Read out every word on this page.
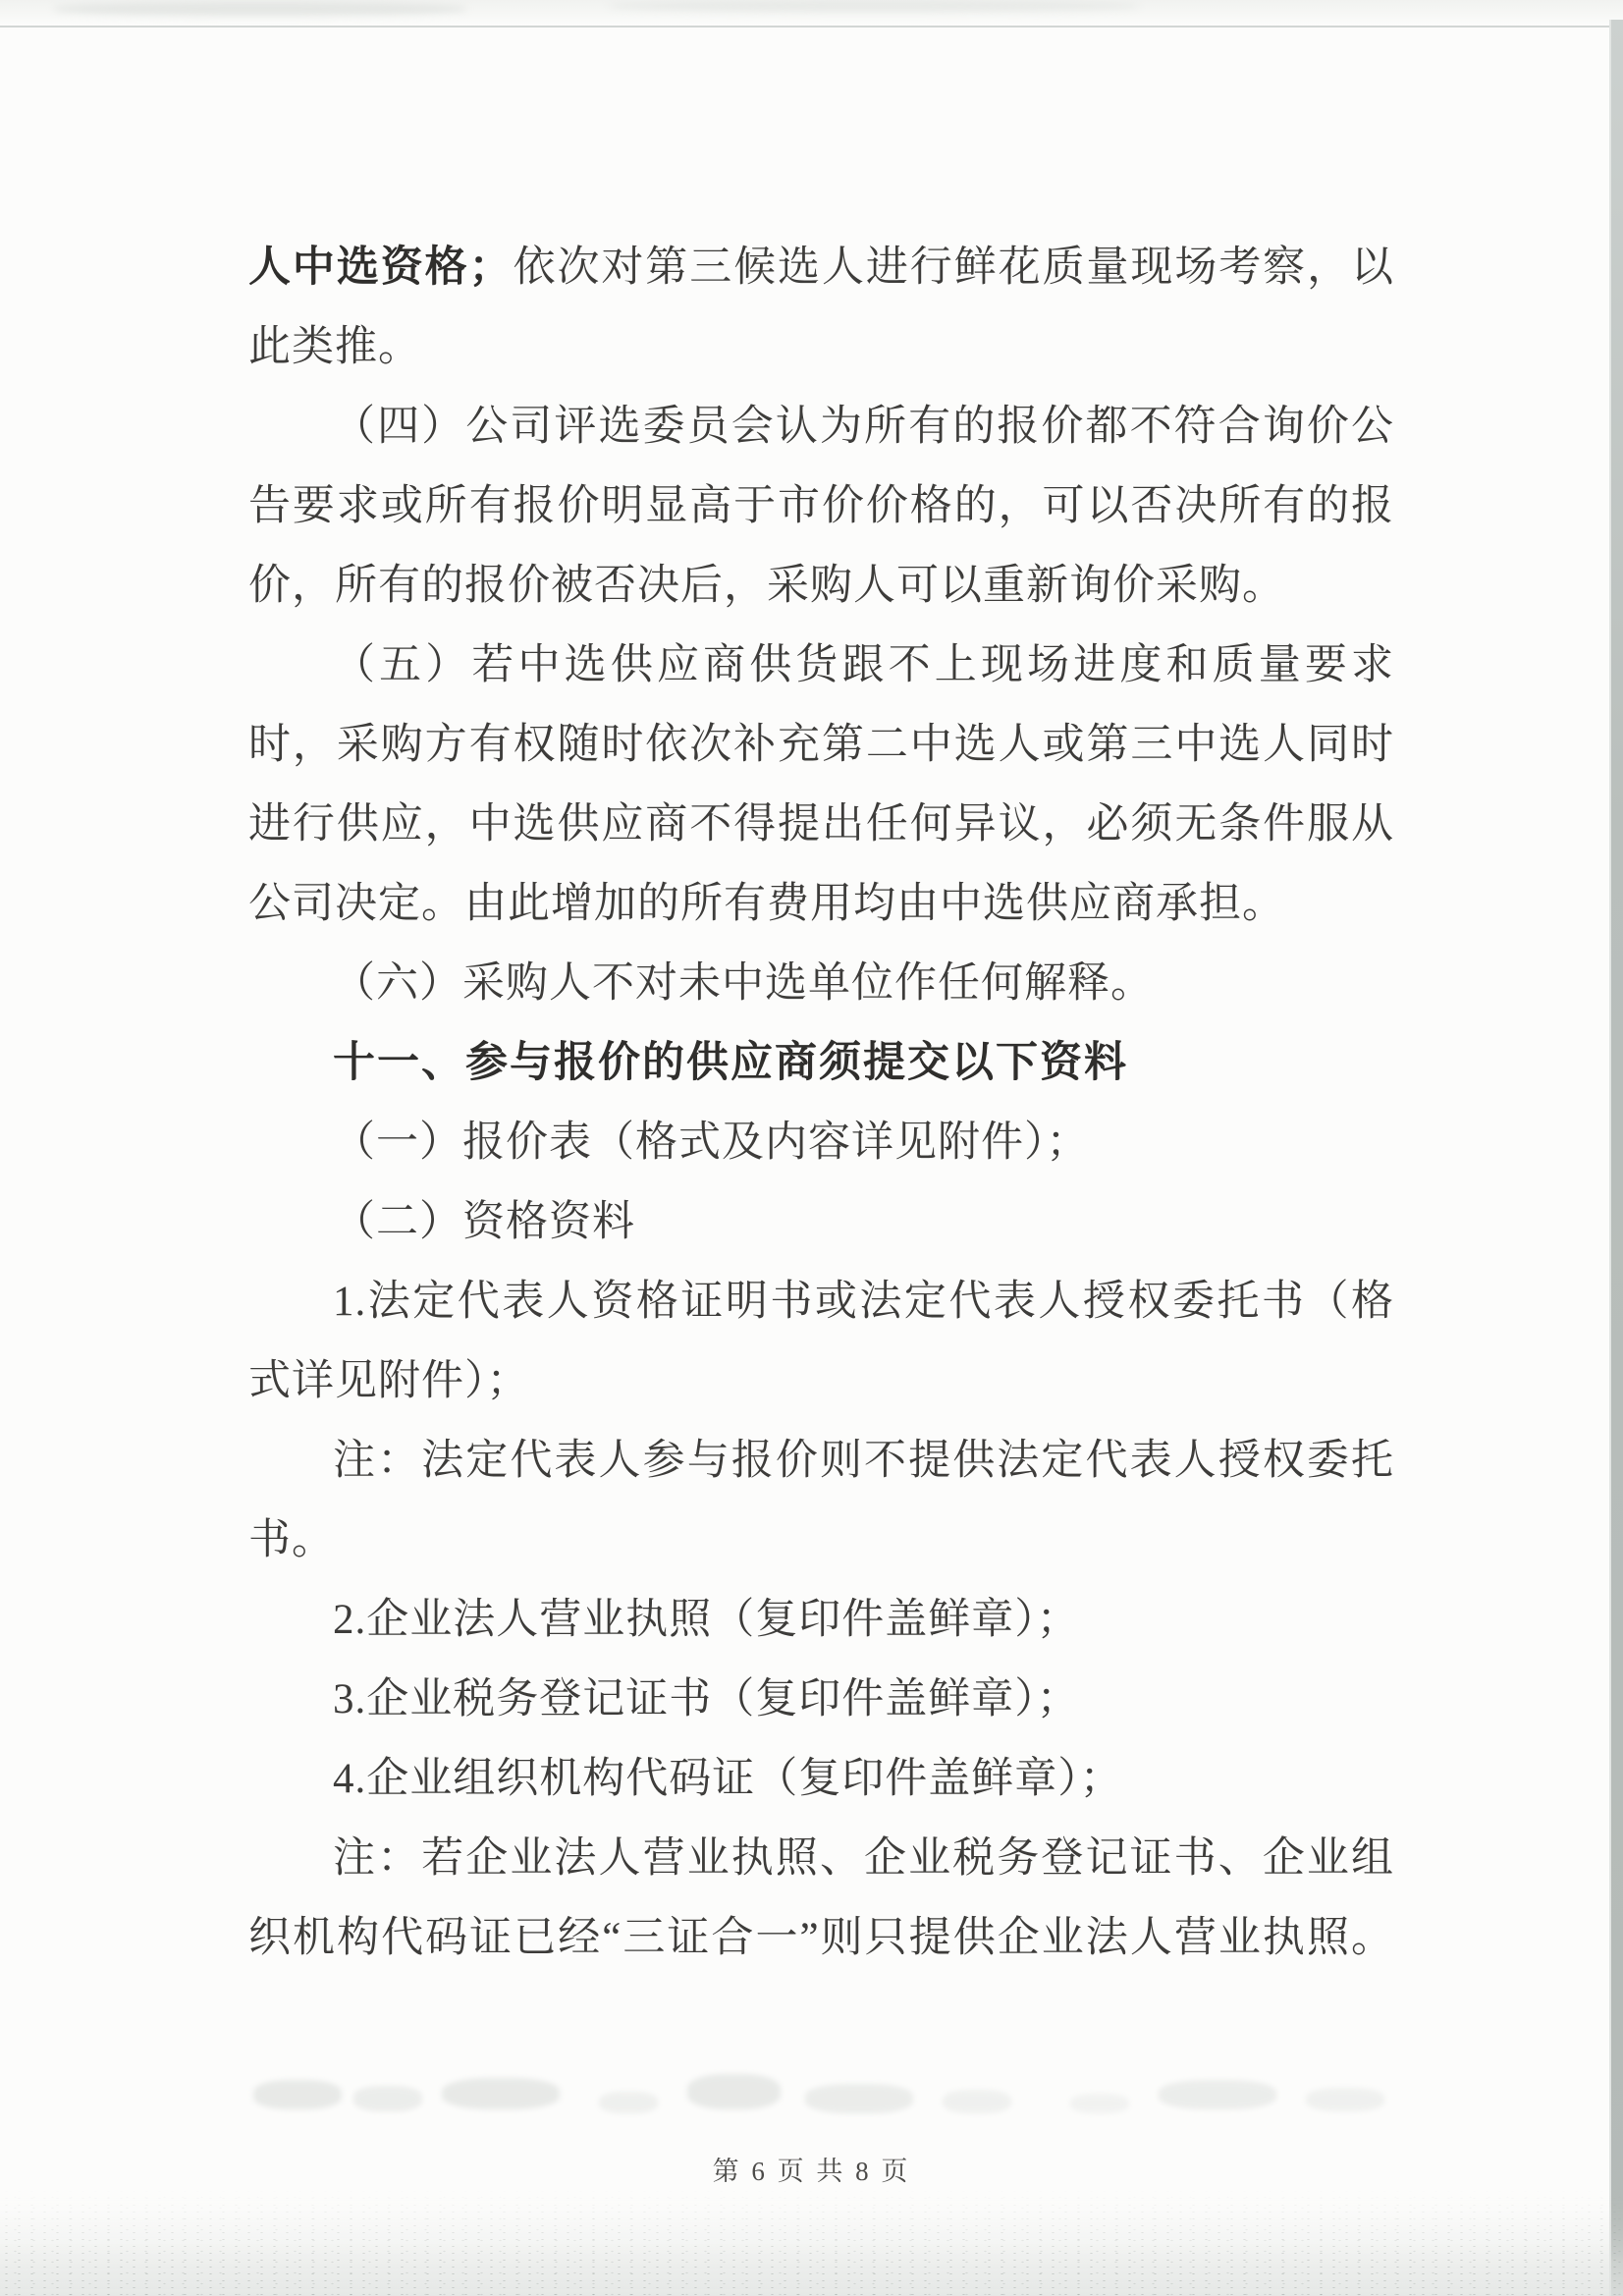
人中选资格；依次对第三候选人进行鲜花质量现场考察，以
此类推。
（四）公司评选委员会认为所有的报价都不符合询价公
告要求或所有报价明显高于市价价格的，可以否决所有的报
价，所有的报价被否决后，采购人可以重新询价采购。
（五）若中选供应商供货跟不上现场进度和质量要求
时，采购方有权随时依次补充第二中选人或第三中选人同时
进行供应，中选供应商不得提出任何异议，必须无条件服从
公司决定。由此增加的所有费用均由中选供应商承担。
（六）采购人不对未中选单位作任何解释。
十一、参与报价的供应商须提交以下资料
（一）报价表（格式及内容详见附件）；
（二）资格资料
1.法定代表人资格证明书或法定代表人授权委托书（格
式详见附件）；
注：法定代表人参与报价则不提供法定代表人授权委托
书。
2.企业法人营业执照（复印件盖鲜章）；
3.企业税务登记证书（复印件盖鲜章）；
4.企业组织机构代码证（复印件盖鲜章）；
注：若企业法人营业执照、企业税务登记证书、企业组
织机构代码证已经“三证合一”则只提供企业法人营业执照。
第 6 页 共 8 页
